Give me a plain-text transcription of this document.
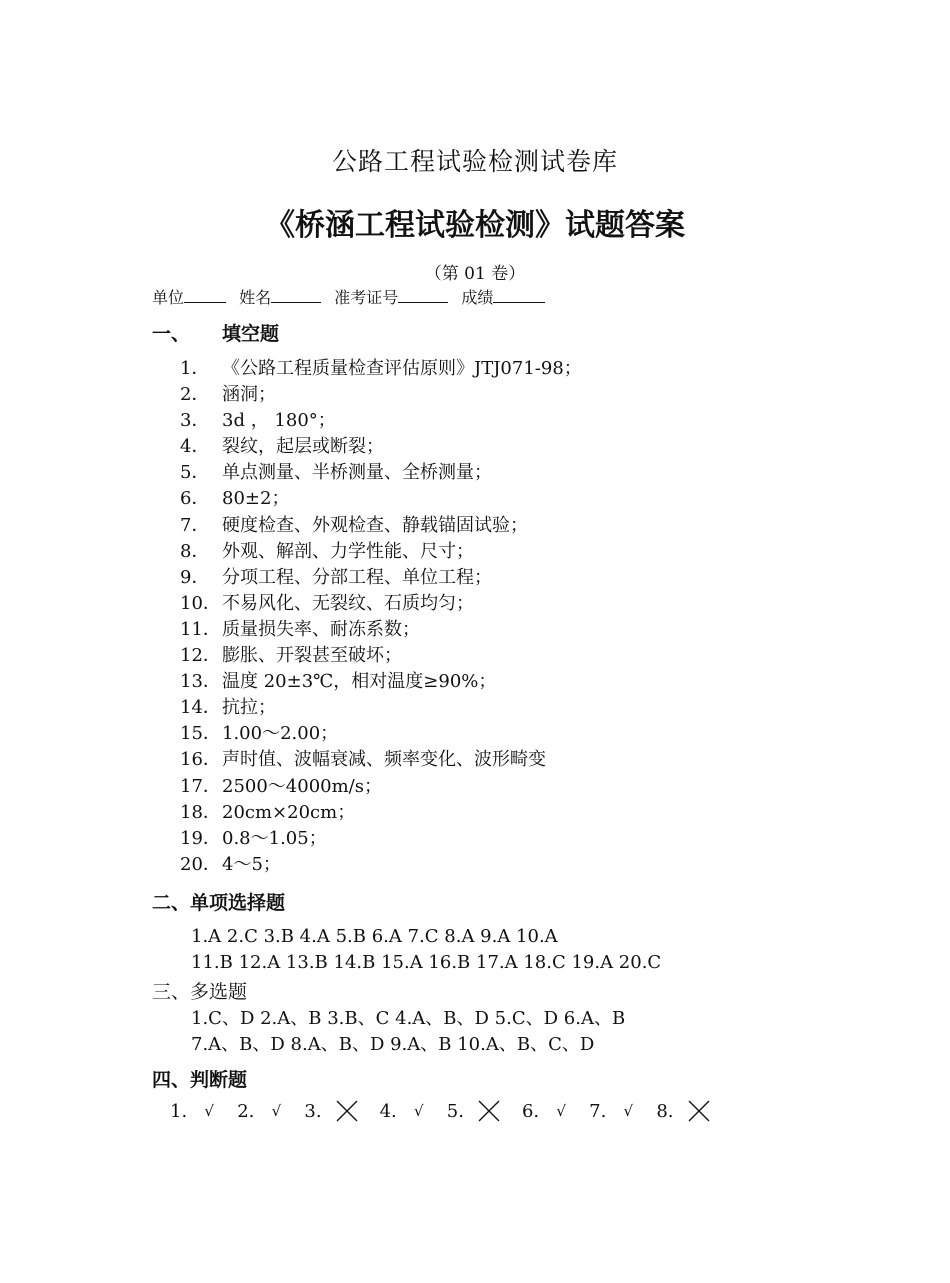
公路工程试验检测试卷库
《桥涵工程试验检测》试题答案
（第 01 卷）
单位	姓名	准考证号	成绩
一、 填空题
1． 《公路工程质量检查评估原则》JTJ071-98；
2． 涵洞；
3． 3d ， 180°；
4． 裂纹，起层或断裂；
5． 单点测量、半桥测量、全桥测量；
6． 80±2；
7． 硬度检查、外观检查、静载锚固试验；
8． 外观、解剖、力学性能、尺寸；
9． 分项工程、分部工程、单位工程；
10． 不易风化、无裂纹、石质均匀；
11． 质量损失率、耐冻系数；
12． 膨胀、开裂甚至破坏；
13． 温度 20±3℃，相对温度≥90%；
14． 抗拉；
15． 1.00～2.00；
16． 声时值、波幅衰减、频率变化、波形畸变
17． 2500～4000m/s；
18． 20cm×20cm；
19． 0.8～1.05；
20． 4～5；
二、单项选择题
1.A 2.C 3.B 4.A 5.B 6.A 7.C 8.A 9.A 10.A
11.B 12.A 13.B 14.B 15.A 16.B 17.A 18.C 19.A 20.C
三、多选题
1.C、D 2.A、B 3.B、C 4.A、B、D 5.C、D 6.A、B
7.A、B、D 8.A、B、D 9.A、B 10.A、B、C、D
四、判断题
1. √ 2. √ 3.	4. √ 5.	6. √ 7. √ 8.
